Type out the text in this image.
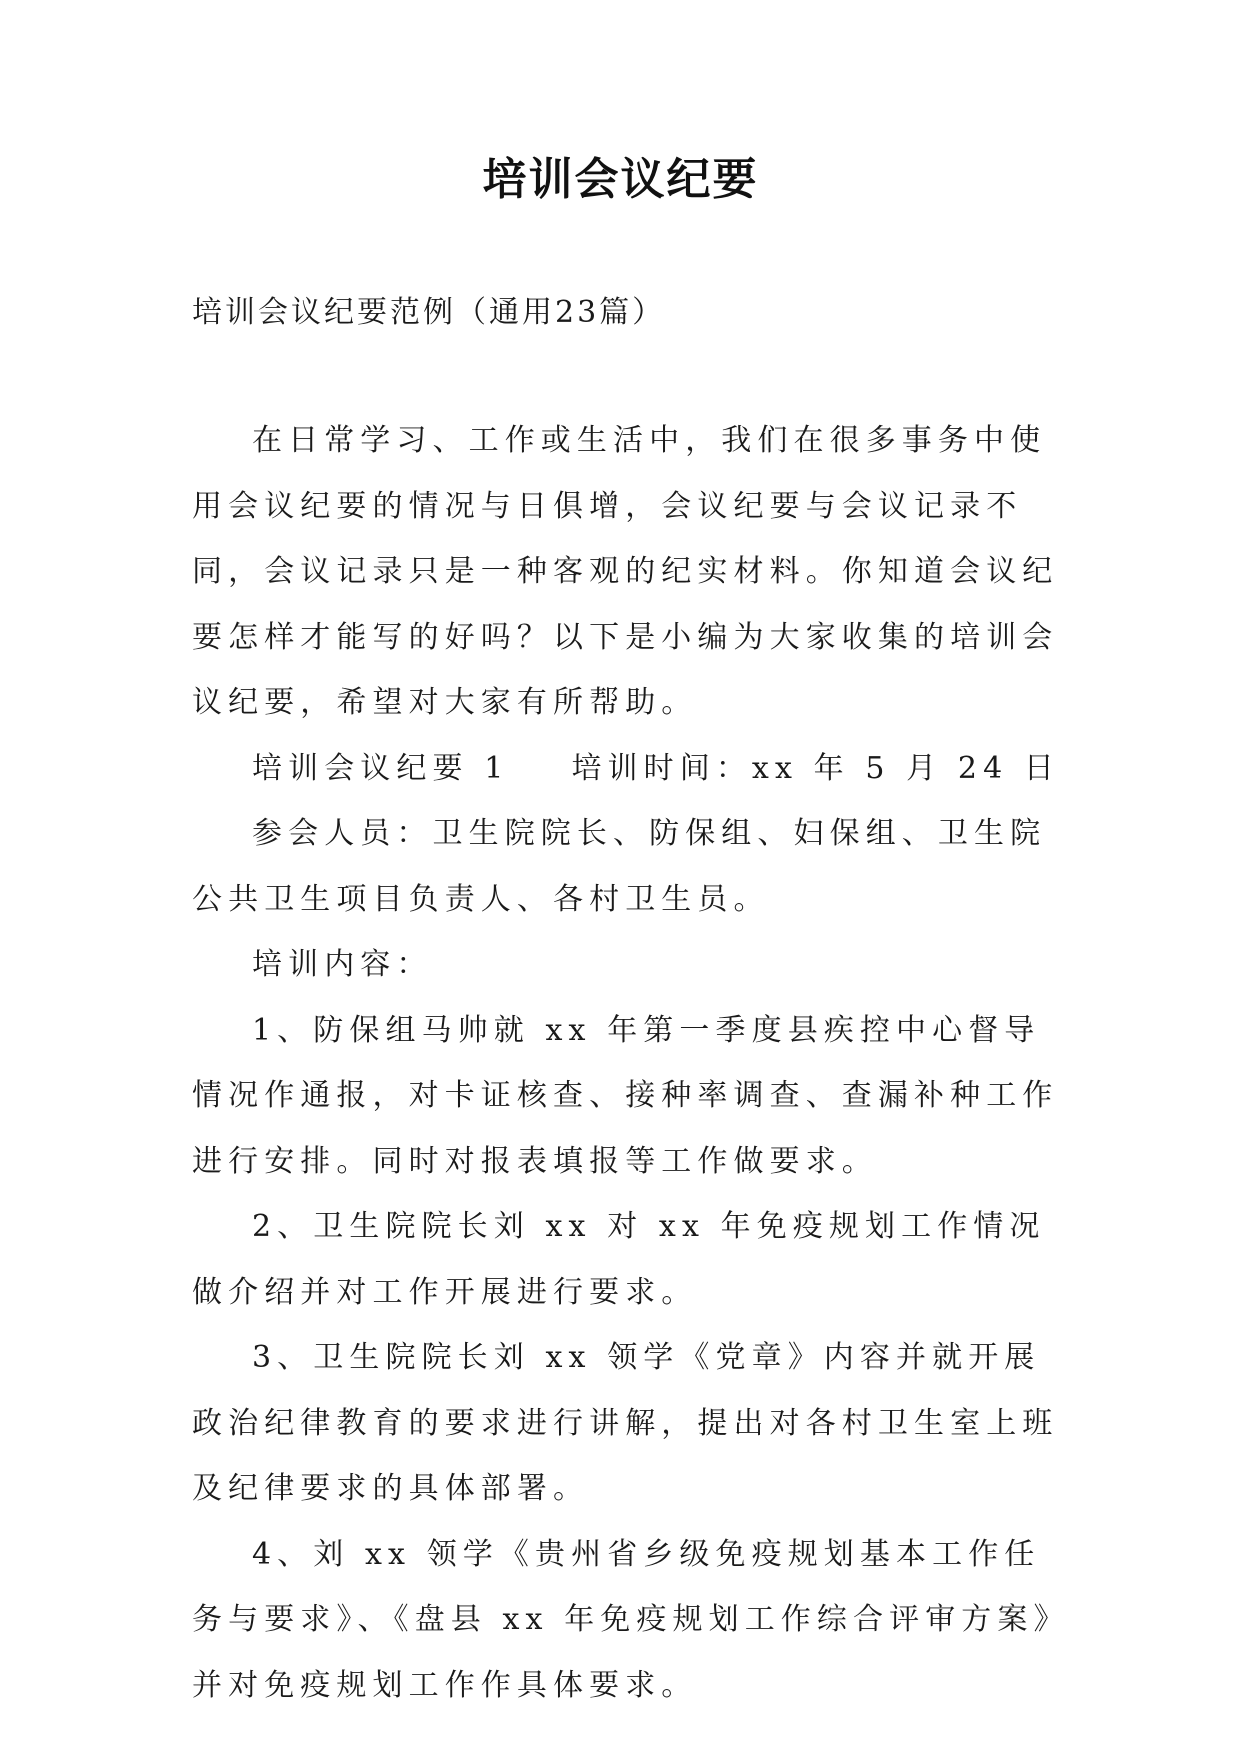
培训会议纪要
培训会议纪要范例（通用23篇）

在日常学习、工作或生活中，我们在很多事务中使用会议纪要的情况与日俱增，会议纪要与会议记录不同，会议记录只是一种客观的纪实材料。你知道会议纪要怎样才能写的好吗？以下是小编为大家收集的培训会议纪要，希望对大家有所帮助。

培训会议纪要 1 培训时间：xx 年 5 月 24 日

参会人员：卫生院院长、防保组、妇保组、卫生院公共卫生项目负责人、各村卫生员。

培训内容：

1、防保组马帅就 xx 年第一季度县疾控中心督导情况作通报，对卡证核查、接种率调查、查漏补种工作进行安排。同时对报表填报等工作做要求。

2、卫生院院长刘 xx 对 xx 年免疫规划工作情况做介绍并对工作开展进行要求。

3、卫生院院长刘 xx 领学《党章》内容并就开展政治纪律教育的要求进行讲解，提出对各村卫生室上班及纪律要求的具体部署。

4、刘 xx 领学《贵州省乡级免疫规划基本工作任务与要求》、《盘县 xx 年免疫规划工作综合评审方案》并对免疫规划工作作具体要求。
